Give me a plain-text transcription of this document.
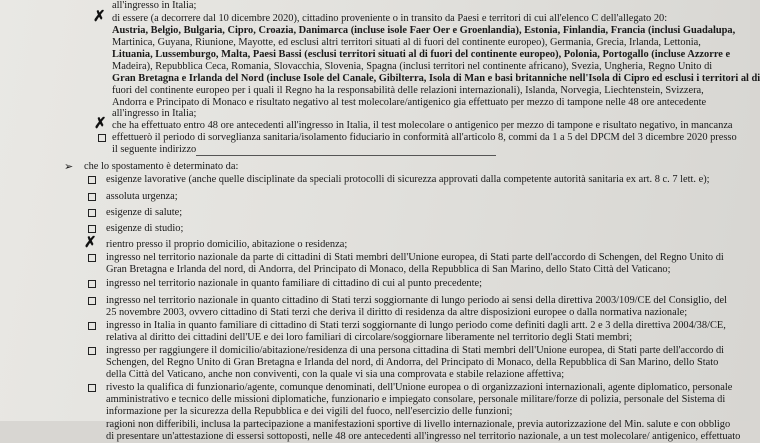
all'ingresso in Italia;
✗ di essere (a decorrere dal 10 dicembre 2020), cittadino proveniente o in transito da Paesi e territori di cui all'elenco C dell'allegato 20:
Austria, Belgio, Bulgaria, Cipro, Croazia, Danimarca (incluse isole Faer Oer e Groenlandia), Estonia, Finlandia, Francia (inclusi Guadalupa,
Martinica, Guyana, Riunione, Mayotte, ed esclusi altri territori situati al di fuori del continente europeo), Germania, Grecia, Irlanda, Lettonia,
Lituania, Lussemburgo, Malta, Paesi Bassi (esclusi territori situati al di fuori del continente europeo), Polonia, Portogallo (incluse Azzorre e
Madeira), Repubblica Ceca, Romania, Slovacchia, Slovenia, Spagna (inclusi territori nel continente africano), Svezia, Ungheria, Regno Unito di
Gran Bretagna e Irlanda del Nord (incluse Isole del Canale, Gibilterra, Isola di Man e basi britanniche nell'Isola di Cipro ed esclusi i territori al di
fuori del continente europeo per i quali il Regno ha la responsabilità delle relazioni internazionali), Islanda, Norvegia, Liechtenstein, Svizzera,
Andorra e Principato di Monaco e risultato negativo al test molecolare/antigenico gia effettuato per mezzo di tampone nelle 48 ore antecedente
all'ingresso in Italia;
✗ che ha effettuato entro 48 ore antecedenti all'ingresso in Italia, il test molecolare o antigenico per mezzo di tampone e risultato negativo, in mancanza
effettuerò il periodo di sorveglianza sanitaria/isolamento fiduciario in conformità all'articolo 8, commi da 1 a 5 del DPCM del 3 dicembre 2020 presso
il seguente indirizzo
➢ che lo spostamento è determinato da:
esigenze lavorative (anche quelle disciplinate da speciali protocolli di sicurezza approvati dalla competente autorità sanitaria ex art. 8 c. 7 lett. e);
assoluta urgenza;
esigenze di salute;
esigenze di studio;
✗ rientro presso il proprio domicilio, abitazione o residenza;
ingresso nel territorio nazionale da parte di cittadini di Stati membri dell'Unione europea, di Stati parte dell'accordo di Schengen, del Regno Unito di
Gran Bretagna e Irlanda del nord, di Andorra, del Principato di Monaco, della Repubblica di San Marino, dello Stato Città del Vaticano;
ingresso nel territorio nazionale in quanto familiare di cittadino di cui al punto precedente;
ingresso nel territorio nazionale in quanto cittadino di Stati terzi soggiornante di lungo periodo ai sensi della direttiva 2003/109/CE del Consiglio, del
25 novembre 2003, ovvero cittadino di Stati terzi che deriva il diritto di residenza da altre disposizioni europee o dalla normativa nazionale;
ingresso in Italia in quanto familiare di cittadino di Stati terzi soggiornante di lungo periodo come definiti dagli artt. 2 e 3 della direttiva 2004/38/CE,
relativa al diritto dei cittadini dell'UE e dei loro familiari di circolare/soggiornare liberamente nel territorio degli Stati membri;
ingresso per raggiungere il domicilio/abitazione/residenza di una persona cittadina di Stati membri dell'Unione europea, di Stati parte dell'accordo di
Schengen, del Regno Unito di Gran Bretagna e Irlanda del nord, di Andorra, del Principato di Monaco, della Repubblica di San Marino, dello Stato
della Città del Vaticano, anche non conviventi, con la quale vi sia una comprovata e stabile relazione affettiva;
rivesto la qualifica di funzionario/agente, comunque denominati, dell'Unione europea o di organizzazioni internazionali, agente diplomatico, personale
amministrativo e tecnico delle missioni diplomatiche, funzionario e impiegato consolare, personale militare/forze di polizia, personale del Sistema di
informazione per la sicurezza della Repubblica e dei vigili del fuoco, nell'esercizio delle funzioni;
ragioni non differibili, inclusa la partecipazione a manifestazioni sportive di livello internazionale, previa autorizzazione del Min. salute e con obbligo
di presentare un'attestazione di essersi sottoposti, nelle 48 ore antecedenti all'ingresso nel territorio nazionale, a un test molecolare/ antigenico, effettuato
